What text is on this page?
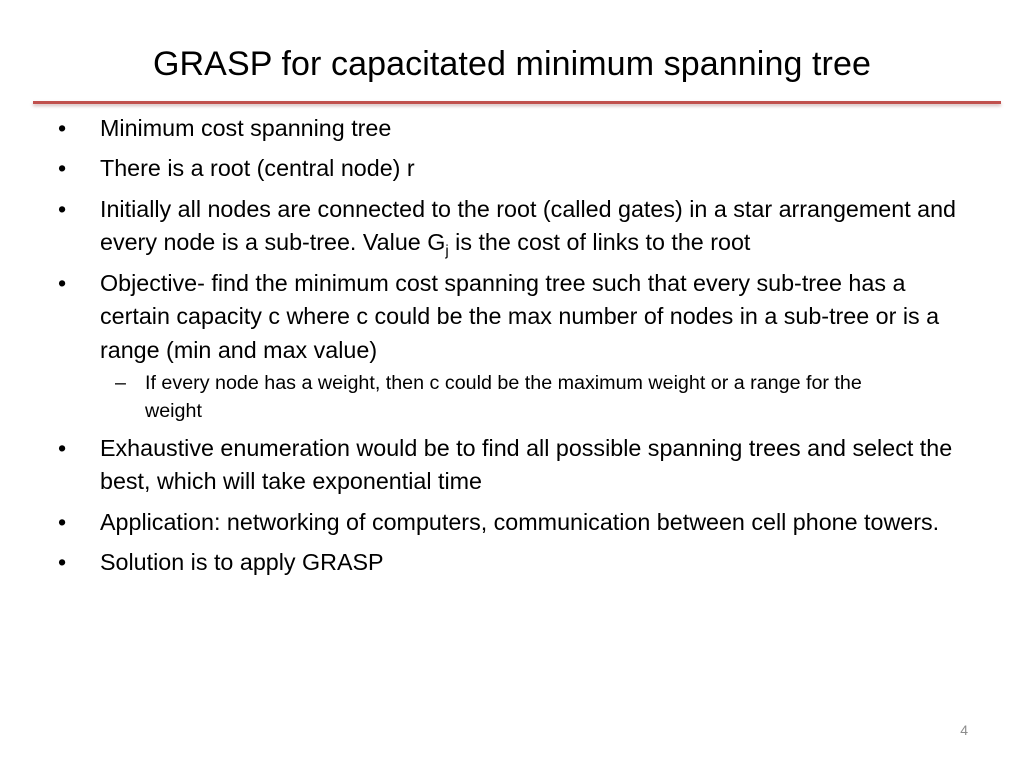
GRASP for capacitated minimum spanning tree
•	Minimum cost spanning tree
•	There is a root (central node) r
•	Initially all nodes are connected to the root (called gates) in a star arrangement and every node is a sub-tree. Value $G_j$ is the cost of links to the root
•	Objective- find the minimum cost spanning tree such that every sub-tree has a certain capacity c where c could be the max number of nodes in a sub-tree or is a range (min and max value)
– If every node has a weight, then c could be the maximum weight or a range for the weight
•	Exhaustive enumeration would be to find all possible spanning trees and select the best, which will take exponential time
•	Application: networking of computers, communication between cell phone towers.
•	Solution is to apply GRASP
4
